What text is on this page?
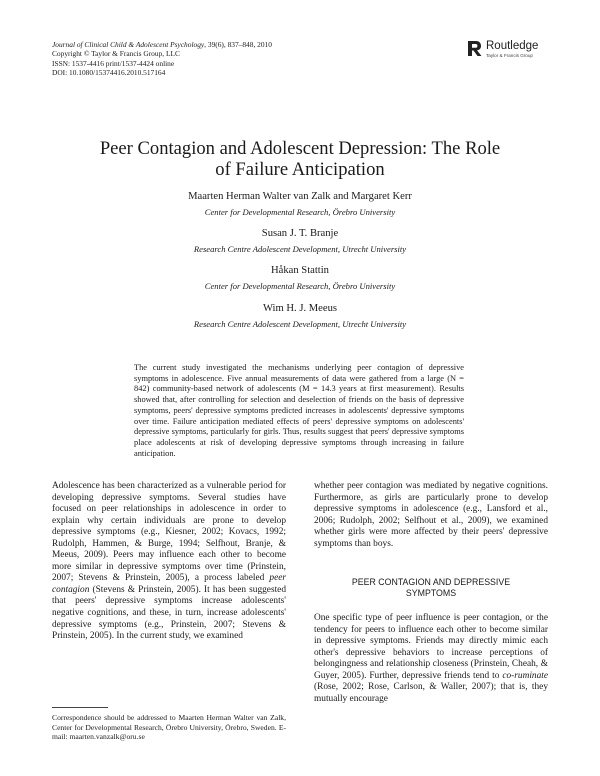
Journal of Clinical Child & Adolescent Psychology, 39(6), 837–848, 2010
Copyright © Taylor & Francis Group, LLC
ISSN: 1537-4416 print/1537-4424 online
DOI: 10.1080/15374416.2010.517164
Routledge
Taylor & Francis Group
Peer Contagion and Adolescent Depression: The Role
of Failure Anticipation
Maarten Herman Walter van Zalk and Margaret Kerr
Center for Developmental Research, Örebro University
Susan J. T. Branje
Research Centre Adolescent Development, Utrecht University
Håkan Stattin
Center for Developmental Research, Örebro University
Wim H. J. Meeus
Research Centre Adolescent Development, Utrecht University
The current study investigated the mechanisms underlying peer contagion of depressive symptoms in adolescence. Five annual measurements of data were gathered from a large (N = 842) community-based network of adolescents (M = 14.3 years at first measurement). Results showed that, after controlling for selection and deselection of friends on the basis of depressive symptoms, peers' depressive symptoms predicted increases in adolescents' depressive symptoms over time. Failure anticipation mediated effects of peers' depressive symptoms on adolescents' depressive symptoms, particularly for girls. Thus, results suggest that peers' depressive symptoms place adolescents at risk of developing depressive symptoms through increasing in failure anticipation.

Adolescence has been characterized as a vulnerable period for developing depressive symptoms. Several studies have focused on peer relationships in adolescence in order to explain why certain individuals are prone to develop depressive symptoms (e.g., Kiesner, 2002; Kovacs, 1992; Rudolph, Hammen, & Burge, 1994; Selfhout, Branje, & Meeus, 2009). Peers may influence each other to become more similar in depressive symptoms over time (Prinstein, 2007; Stevens & Prinstein, 2005), a process labeled peer contagion (Stevens & Prinstein, 2005). It has been suggested that peers' depressive symptoms increase adolescents' negative cognitions, and these, in turn, increase adolescents' depressive symptoms (e.g., Prinstein, 2007; Stevens & Prinstein, 2005). In the current study, we examined

whether peer contagion was mediated by negative cognitions. Furthermore, as girls are particularly prone to develop depressive symptoms in adolescence (e.g., Lansford et al., 2006; Rudolph, 2002; Selfhout et al., 2009), we examined whether girls were more affected by their peers' depressive symptoms than boys.

PEER CONTAGION AND DEPRESSIVE
SYMPTOMS

One specific type of peer influence is peer contagion, or the tendency for peers to influence each other to become similar in depressive symptoms. Friends may directly mimic each other's depressive behaviors to increase perceptions of belongingness and relationship closeness (Prinstein, Cheah, & Guyer, 2005). Further, depressive friends tend to co-ruminate (Rose, 2002; Rose, Carlson, & Waller, 2007); that is, they mutually encourage

Correspondence should be addressed to Maarten Herman Walter van Zalk, Center for Developmental Research, Örebro University, Örebro, Sweden. E-mail: maarten.vanzalk@oru.se
